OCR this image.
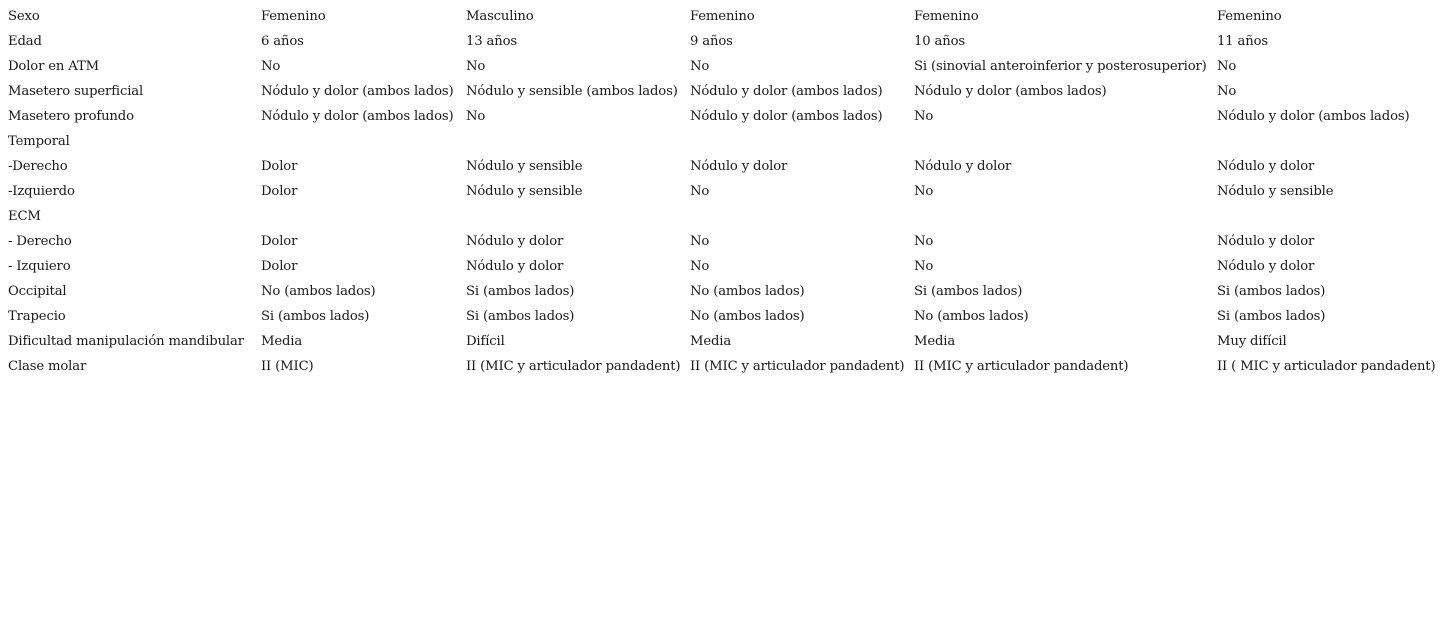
Sexo	Femenino	Masculino	Femenino	Femenino	Femenino
Edad	6 años	13 años	9 años	10 años	11 años
Dolor en ATM	No	No	No	Si (sinovial anteroinferior y posterosuperior)	No
Masetero superficial	Nódulo y dolor (ambos lados)	Nódulo y sensible (ambos lados)	Nódulo y dolor (ambos lados)	Nódulo y dolor (ambos lados)	No
Masetero profundo	Nódulo y dolor (ambos lados)	No	Nódulo y dolor (ambos lados)	No	Nódulo y dolor (ambos lados)
Temporal					
-Derecho	Dolor	Nódulo y sensible	Nódulo y dolor	Nódulo y dolor	Nódulo y dolor
-Izquierdo	Dolor	Nódulo y sensible	No	No	Nódulo y sensible
ECM					
- Derecho	Dolor	Nódulo y dolor	No	No	Nódulo y dolor
- Izquiero	Dolor	Nódulo y dolor	No	No	Nódulo y dolor
Occipital	No (ambos lados)	Si (ambos lados)	No (ambos lados)	Si (ambos lados)	Si (ambos lados)
Trapecio	Si (ambos lados)	Si (ambos lados)	No (ambos lados)	No (ambos lados)	Si (ambos lados)
Dificultad manipulación mandibular	Media	Difícil	Media	Media	Muy difícil
Clase molar	II (MIC)	II (MIC y articulador pandadent)	II (MIC y articulador pandadent)	II (MIC y articulador pandadent)	II ( MIC y articulador pandadent)
